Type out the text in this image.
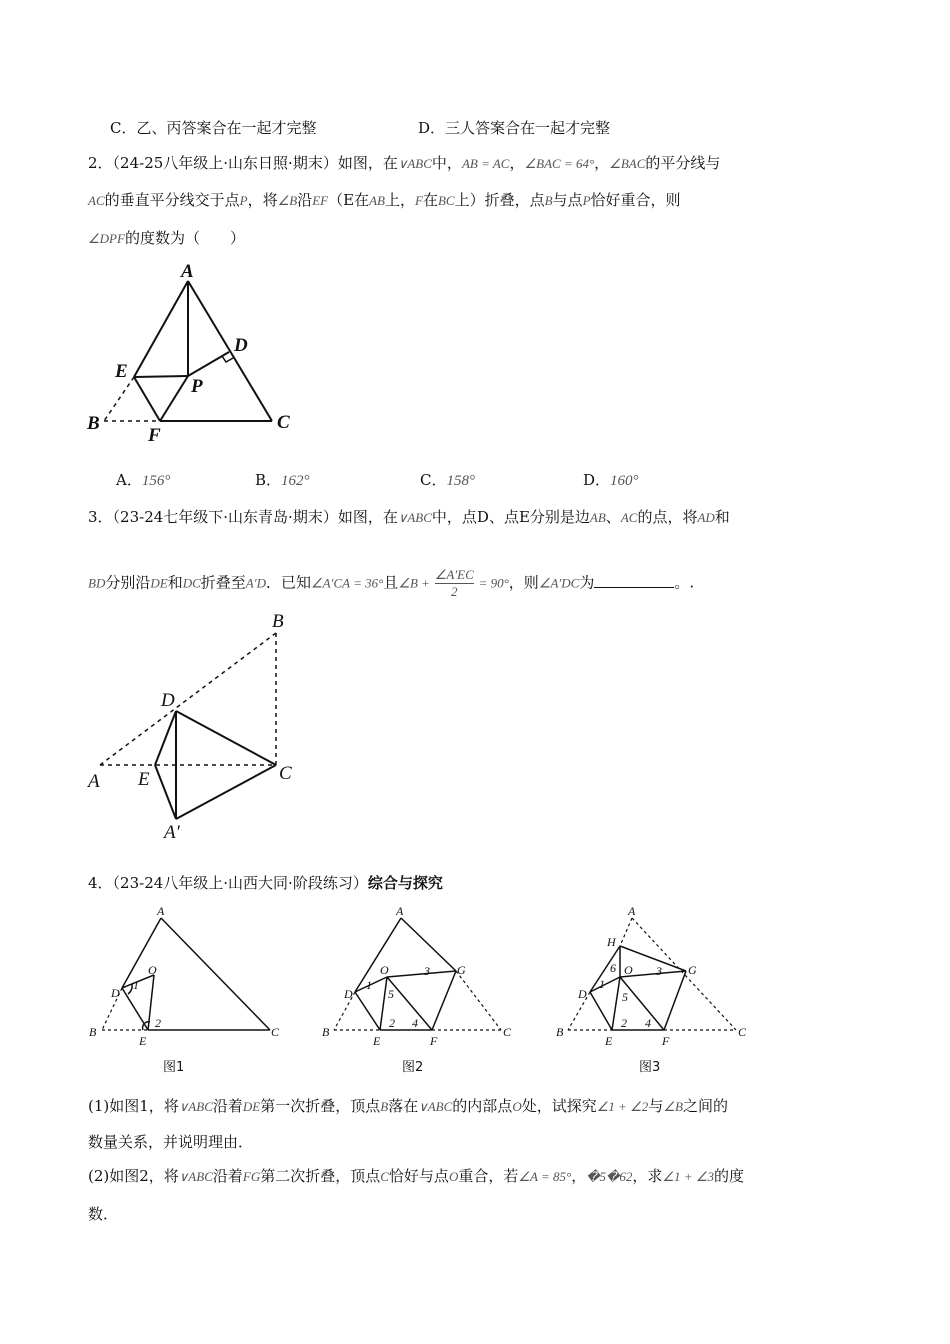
C．乙、丙答案合在一起才完整	D．三人答案合在一起才完整
2．（24-25八年级上·山东日照·期末）如图，在∨ABC中，AB = AC，∠BAC = 64°，∠BAC的平分线与
AC的垂直平分线交于点P，将∠B沿EF（E在AB上，F在BC上）折叠，点B与点P恰好重合，则
∠DPF的度数为（　　）
A
B	C
D
E
F
P
A．156°	B．162°	C．158°	D．160°
3．（23-24七年级下·山东青岛·期末）如图，在∨ABC中，点D、点E分别是边AB、AC的点，将AD和
BD分别沿DE和DC折叠至A′D．已知∠A′CA = 36°且∠B + $\frac{\angle A'EC}{2} = 90^\circ$，则∠A′DC为	。.
A
B
C
D
E
A′
4．（23-24八年级上·山西大同·阶段练习）综合与探究
A
B	C
D
E
O
1
2
A
B	C
D
E	F
G
O
1
2
3
4
5
A
B	C
D
E	F
G
H
O
1
2
3
4
5
6
图1	图2	图3
(1)如图1，将∨ABC沿着DE第一次折叠，顶点B落在∨ABC的内部点O处，试探究∠1 + ∠2与∠B之间的
数量关系，并说明理由．
(2)如图2，将∨ABC沿着FG第二次折叠，顶点C恰好与点O重合，若∠A = 85°，�5�62，求∠1 + ∠3的度
数．
